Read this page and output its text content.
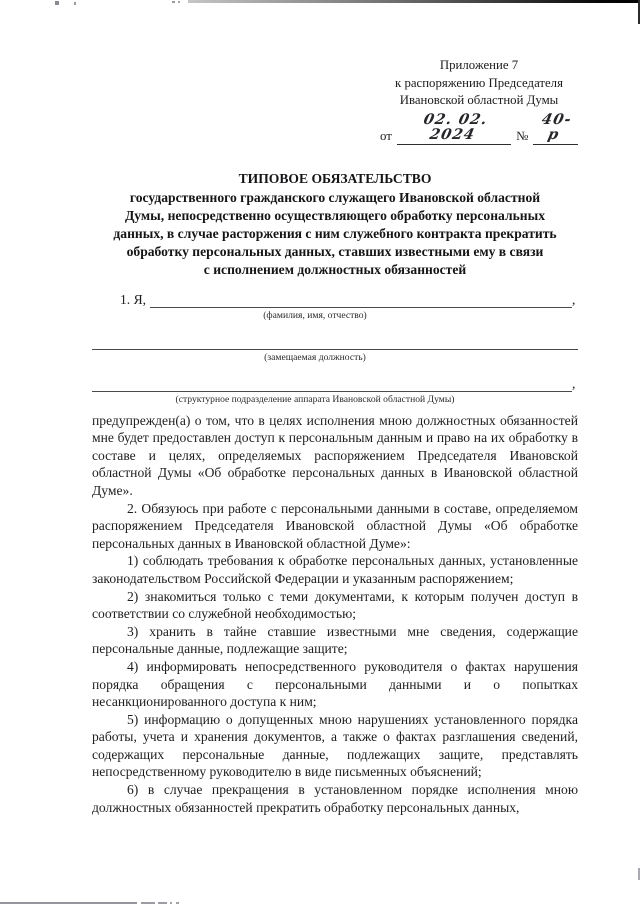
Приложение 7
к распоряжению Председателя
Ивановской областной Думы
от
02. 02. 2024	№
40-р
ТИПОВОЕ ОБЯЗАТЕЛЬСТВО
государственного гражданского служащего Ивановской областной
Думы, непосредственно осуществляющего обработку персональных
данных, в случае расторжения с ним служебного контракта прекратить
обработку персональных данных, ставших известными ему в связи
с исполнением должностных обязанностей
1. Я,	,
(фамилия, имя, отчество)
(замещаемая должность)
,
(структурное подразделение аппарата Ивановской областной Думы)

предупрежден(а) о том, что в целях исполнения мною должностных обязанностей мне будет предоставлен доступ к персональным данным и право на их обработку в составе и целях, определяемых распоряжением Председателя Ивановской областной Думы «Об обработке персональных данных в Ивановской областной Думе».

2. Обязуюсь при работе с персональными данными в составе, определяемом распоряжением Председателя Ивановской областной Думы «Об обработке персональных данных в Ивановской областной Думе»:

1) соблюдать требования к обработке персональных данных, установленные законодательством Российской Федерации и указанным распоряжением;

2) знакомиться только с теми документами, к которым получен доступ в соответствии со служебной необходимостью;

3) хранить в тайне ставшие известными мне сведения, содержащие персональные данные, подлежащие защите;

4) информировать непосредственного руководителя о фактах нарушения порядка обращения с персональными данными и о попытках несанкционированного доступа к ним;

5) информацию о допущенных мною нарушениях установленного порядка работы, учета и хранения документов, а также о фактах разглашения сведений, содержащих персональные данные, подлежащих защите, представлять непосредственному руководителю в виде письменных объяснений;

6) в случае прекращения в установленном порядке исполнения мною должностных обязанностей прекратить обработку персональных данных,
